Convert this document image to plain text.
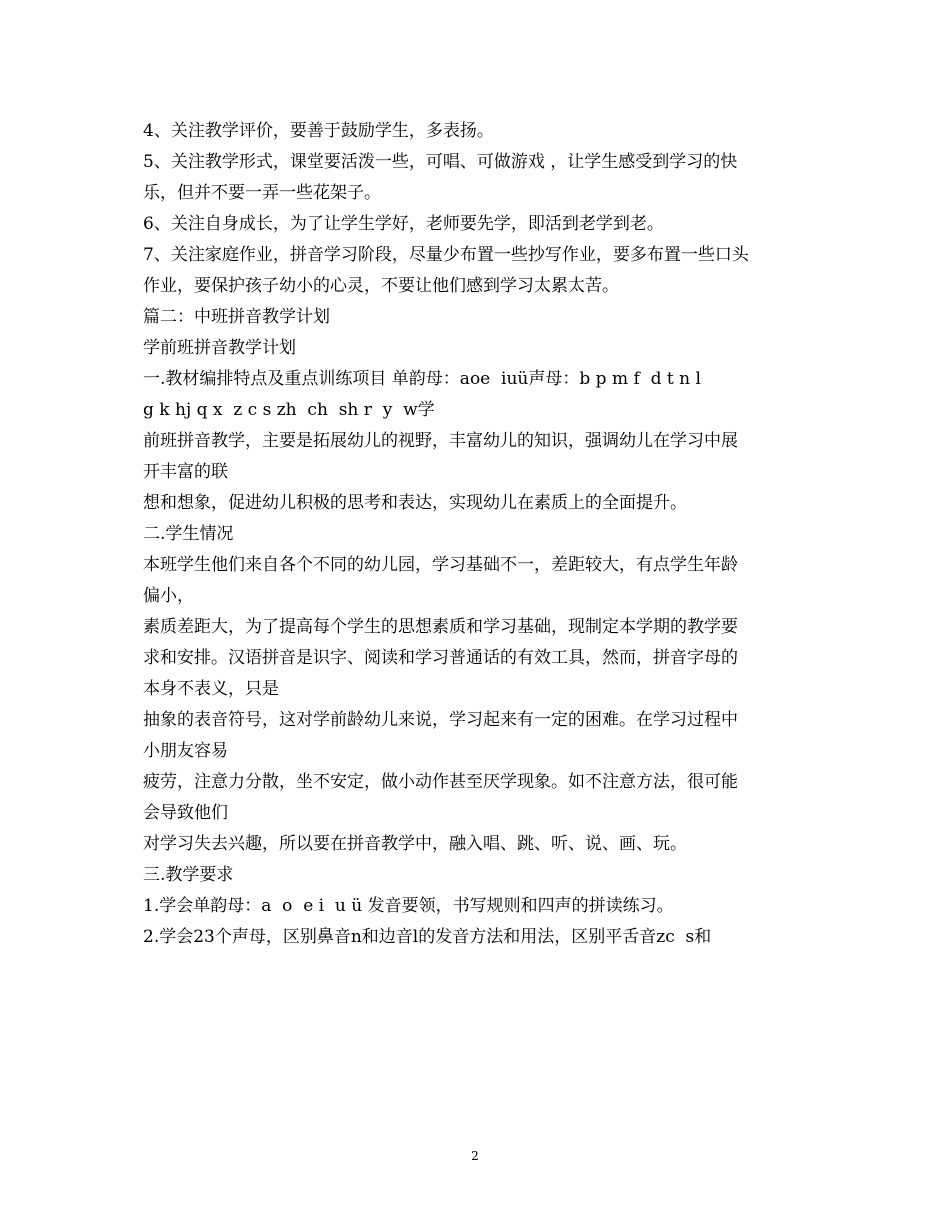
4、关注教学评价，要善于鼓励学生，多表扬。
5、关注教学形式，课堂要活泼一些，可唱、可做游戏 ，让学生感受到学习的快
乐，但并不要一弄一些花架子。
6、关注自身成长，为了让学生学好，老师要先学，即活到老学到老。
7、关注家庭作业，拼音学习阶段，尽量少布置一些抄写作业，要多布置一些口头
作业，要保护孩子幼小的心灵，不要让他们感到学习太累太苦。
篇二：中班拼音教学计划
学前班拼音教学计划
一.教材编排特点及重点训练项目 单韵母：aoe  iuü声母：b p m f  d t n l
g k hj q x  z c s zh  ch  sh r  y  w学
前班拼音教学，主要是拓展幼儿的视野，丰富幼儿的知识，强调幼儿在学习中展
开丰富的联
想和想象，促进幼儿积极的思考和表达，实现幼儿在素质上的全面提升。
二.学生情况
本班学生他们来自各个不同的幼儿园，学习基础不一，差距较大，有点学生年龄
偏小，
素质差距大，为了提高每个学生的思想素质和学习基础，现制定本学期的教学要
求和安排。汉语拼音是识字、阅读和学习普通话的有效工具，然而，拼音字母的
本身不表义，只是
抽象的表音符号，这对学前龄幼儿来说，学习起来有一定的困难。在学习过程中
小朋友容易
疲劳，注意力分散，坐不安定，做小动作甚至厌学现象。如不注意方法，很可能
会导致他们
对学习失去兴趣，所以要在拼音教学中，融入唱、跳、听、说、画、玩。
三.教学要求
1.学会单韵母：a  o  e i  u ü 发音要领，书写规则和四声的拼读练习。
2.学会23个声母，区别鼻音n和边音l的发音方法和用法，区别平舌音zc  s和
2
